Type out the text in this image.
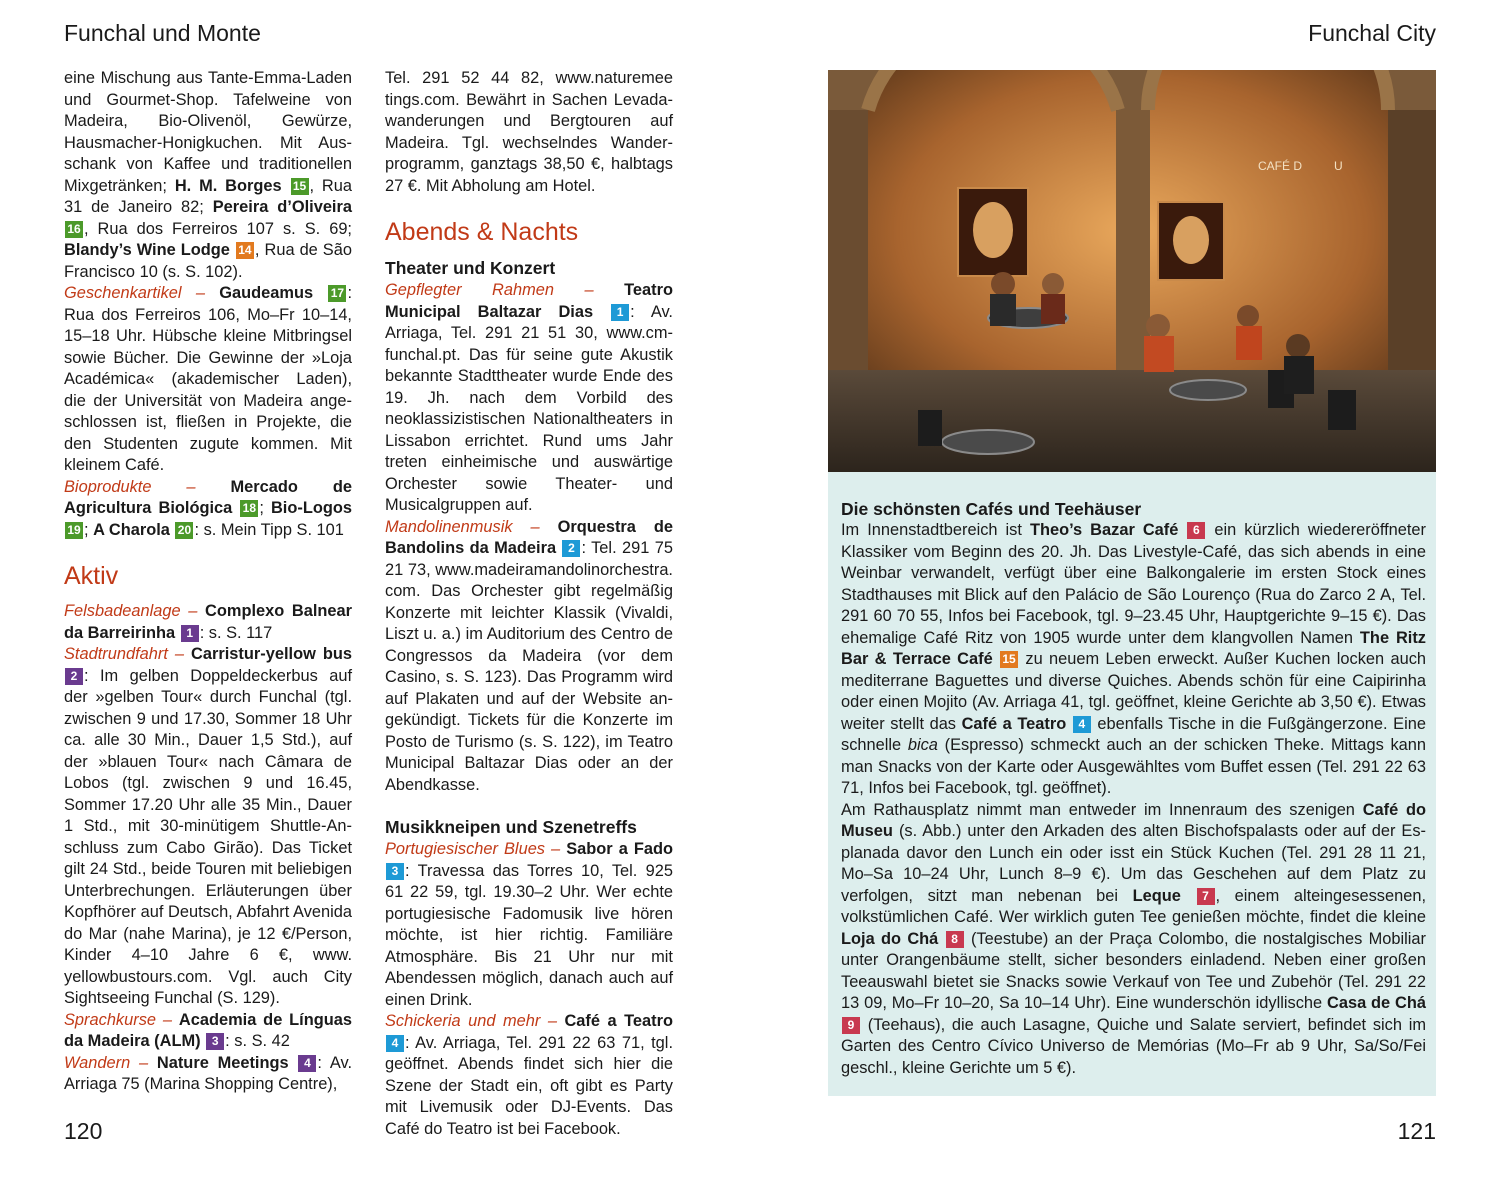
Funchal und Monte

eine Mischung aus Tante-Emma-Laden und Gourmet-Shop. Tafelweine von Madeira, Bio-Olivenöl, Gewürze, Hausmacher-Honigkuchen. Mit Ausschank von Kaffee und traditionellen Mixgetränken; H. M. Borges 15 , Rua 31 de Janeiro 82; Pereira d’Oliveira 16 , Rua dos Ferreiros 107 s. S. 69; Blandy’s Wine Lodge 14 , Rua de São Francisco 10 (s. S. 102).

Geschenkartikel – Gaudeamus 17 : Rua dos Ferreiros 106, Mo–Fr 10–14, 15–18 Uhr. Hübsche kleine Mitbringsel sowie Bücher. Die Gewinne der »Loja Académica« (akademischer Laden), die der Universität von Madeira angeschlossen ist, fließen in Projekte, die den Studenten zugute kommen. Mit kleinem Café.

Bioprodukte – Mercado de Agricultura Biológica 18 ; Bio-Logos 19 ; A Charola 20 : s. Mein Tipp S. 101

Aktiv

Felsbadeanlage – Complexo Balnear da Barreirinha 1 : s. S. 117

Stadtrundfahrt – Carristur-yellow bus 2 : Im gelben Doppeldeckerbus auf der »gelben Tour« durch Funchal (tgl. zwischen 9 und 17.30, Sommer 18 Uhr ca. alle 30 Min., Dauer 1,5 Std.), auf der »blauen Tour« nach Câmara de Lobos (tgl. zwischen 9 und 16.45, Sommer 17.20 Uhr alle 35 Min., Dauer 1 Std., mit 30-minütigem Shuttle-Anschluss zum Cabo Girão). Das Ticket gilt 24 Std., beide Touren mit beliebigen Unterbrechungen. Erläuterungen über Kopfhörer auf Deutsch, Abfahrt Avenida do Mar (nahe Marina), je 12 €/Person, Kinder 4–10 Jahre 6 €, www. yellowbustours.com. Vgl. auch City Sightseeing Funchal (S. 129).

Sprachkurse – Academia de Línguas da Madeira (ALM) 3 : s. S. 42

Wandern – Nature Meetings 4 : Av. Arriaga 75 (Marina Shopping Centre),

Tel. 291 52 44 82, www.naturemee tings.com. Bewährt in Sachen Levadawanderungen und Bergtouren auf Madeira. Tgl. wechselndes Wanderprogramm, ganztags 38,50 €, halbtags 27 €. Mit Abholung am Hotel.

Abends & Nachts

Theater und Konzert

Gepflegter Rahmen – Teatro Municipal Baltazar Dias 1 : Av. Arriaga, Tel. 291 21 51 30, www.cm-funchal.pt. Das für seine gute Akustik bekannte Stadttheater wurde Ende des 19. Jh. nach dem Vorbild des neoklassizistischen Nationaltheaters in Lissabon errichtet. Rund ums Jahr treten einheimische und auswärtige Orchester sowie Theater- und Musicalgruppen auf.

Mandolinenmusik – Orquestra de Bandolins da Madeira 2 : Tel. 291 75 21 73, www.madeiramandolinorchestra. com. Das Orchester gibt regelmäßig Konzerte mit leichter Klassik (Vivaldi, Liszt u. a.) im Auditorium des Centro de Congressos da Madeira (vor dem Casino, s. S. 123). Das Programm wird auf Plakaten und auf der Website angekündigt. Tickets für die Konzerte im Posto de Turismo (s. S. 122), im Teatro Municipal Baltazar Dias oder an der Abendkasse.

Musikkneipen und Szenetreffs

Portugiesischer Blues – Sabor a Fado 3 : Travessa das Torres 10, Tel. 925 61 22 59, tgl. 19.30–2 Uhr. Wer echte portugiesische Fadomusik live hören möchte, ist hier richtig. Familiäre Atmosphäre. Bis 21 Uhr nur mit Abendessen möglich, danach auch auf einen Drink.

Schickeria und mehr – Café a Teatro 4 : Av. Arriaga, Tel. 291 22 63 71, tgl. geöffnet. Abends findet sich hier die Szene der Stadt ein, oft gibt es Party mit Livemusik oder DJ-Events. Das Café do Teatro ist bei Facebook.

120
Funchal City
CAFÉ D	U

Die schönsten Cafés und Teehäuser

Im Innenstadtbereich ist Theo’s Bazar Café 6 ein kürzlich wiedereröffneter Klassiker vom Beginn des 20. Jh. Das Livestyle-Café, das sich abends in eine Weinbar verwandelt, verfügt über eine Balkongalerie im ersten Stock eines Stadthauses mit Blick auf den Palácio de São Lourenço (Rua do Zarco 2 A, Tel. 291 60 70 55, Infos bei Facebook, tgl. 9–23.45 Uhr, Hauptgerichte 9–15 €). Das ehemalige Café Ritz von 1905 wurde unter dem klangvollen Namen The Ritz Bar & Terrace Café 15 zu neuem Leben erweckt. Außer Kuchen locken auch mediterrane Baguettes und diverse Quiches. Abends schön für eine Caipirinha oder einen Mojito (Av. Arriaga 41, tgl. geöffnet, kleine Gerichte ab 3,50 €). Etwas weiter stellt das Café a Teatro 4 ebenfalls Tische in die Fußgängerzone. Eine schnelle bica (Espresso) schmeckt auch an der schicken Theke. Mittags kann man Snacks von der Karte oder Ausgewähltes vom Buffet essen (Tel. 291 22 63 71, Infos bei Facebook, tgl. geöffnet).

Am Rathausplatz nimmt man entweder im Innenraum des szenigen Café do Museu (s. Abb.) unter den Arkaden des alten Bischofspalasts oder auf der Esplanada davor den Lunch ein oder isst ein Stück Kuchen (Tel. 291 28 11 21, Mo–Sa 10–24 Uhr, Lunch 8–9 €). Um das Geschehen auf dem Platz zu verfolgen, sitzt man nebenan bei Leque 7 , einem alteingesessenen, volkstümlichen Café. Wer wirklich guten Tee genießen möchte, findet die kleine Loja do Chá 8 (Teestube) an der Praça Colombo, die nostalgisches Mobiliar unter Orangenbäume stellt, sicher besonders einladend. Neben einer großen Teeauswahl bietet sie Snacks sowie Verkauf von Tee und Zubehör (Tel. 291 22 13 09, Mo–Fr 10–20, Sa 10–14 Uhr). Eine wunderschön idyllische Casa de Chá 9 (Teehaus), die auch Lasagne, Quiche und Salate serviert, befindet sich im Garten des Centro Cívico Universo de Memórias (Mo–Fr ab 9 Uhr, Sa/So/Fei geschl., kleine Gerichte um 5 €).

121
